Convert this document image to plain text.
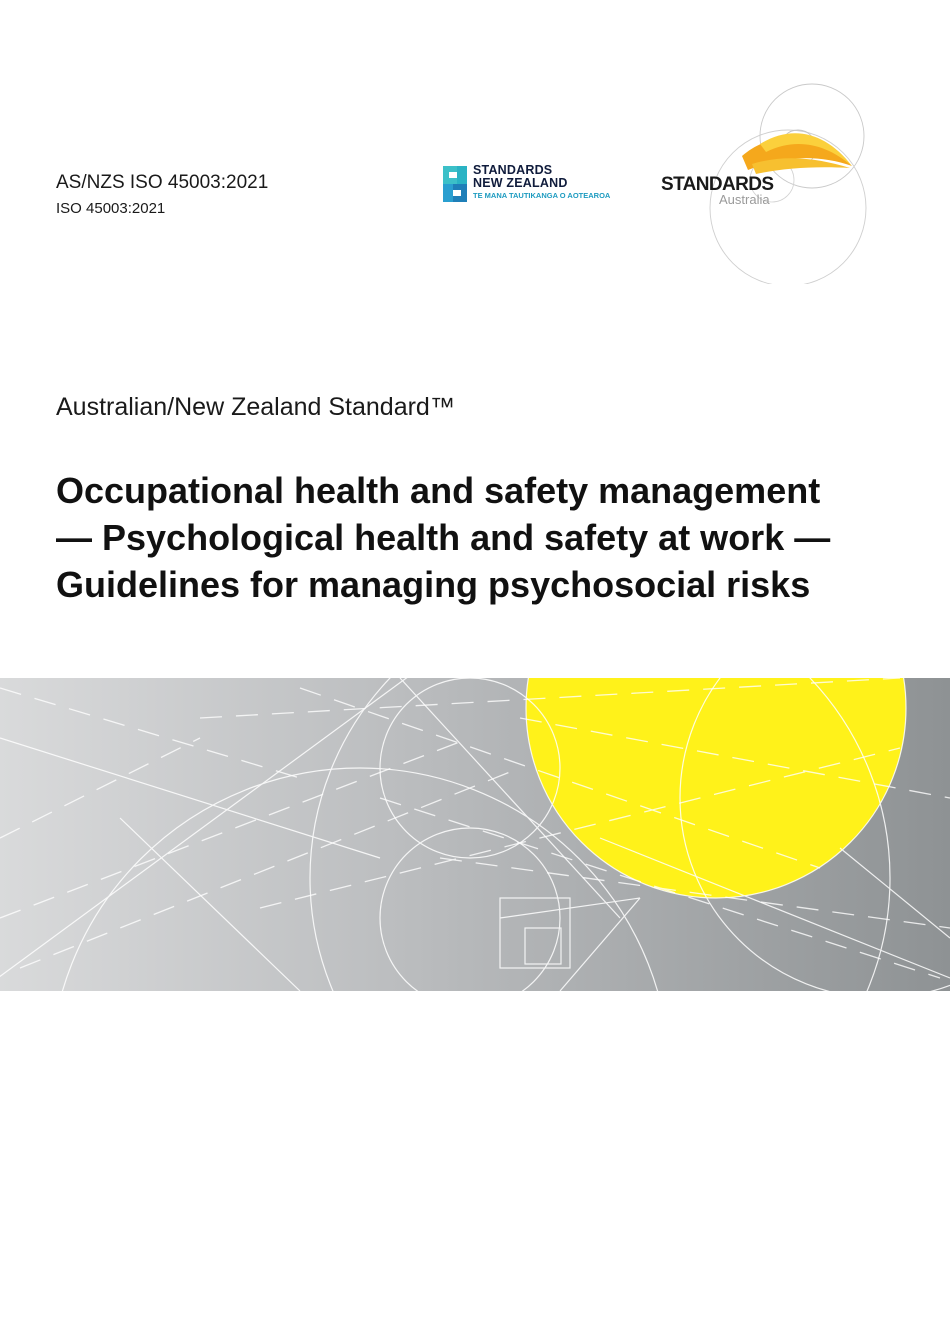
AS/NZS ISO 45003:2021
ISO 45003:2021
STANDARDS
NEW ZEALAND
TE MANA TAUTIKANGA O AOTEAROA
STANDARDS
Australia
Australian/New Zealand Standard™
Occupational health and safety management
— Psychological health and safety at work —
Guidelines for managing psychosocial risks
